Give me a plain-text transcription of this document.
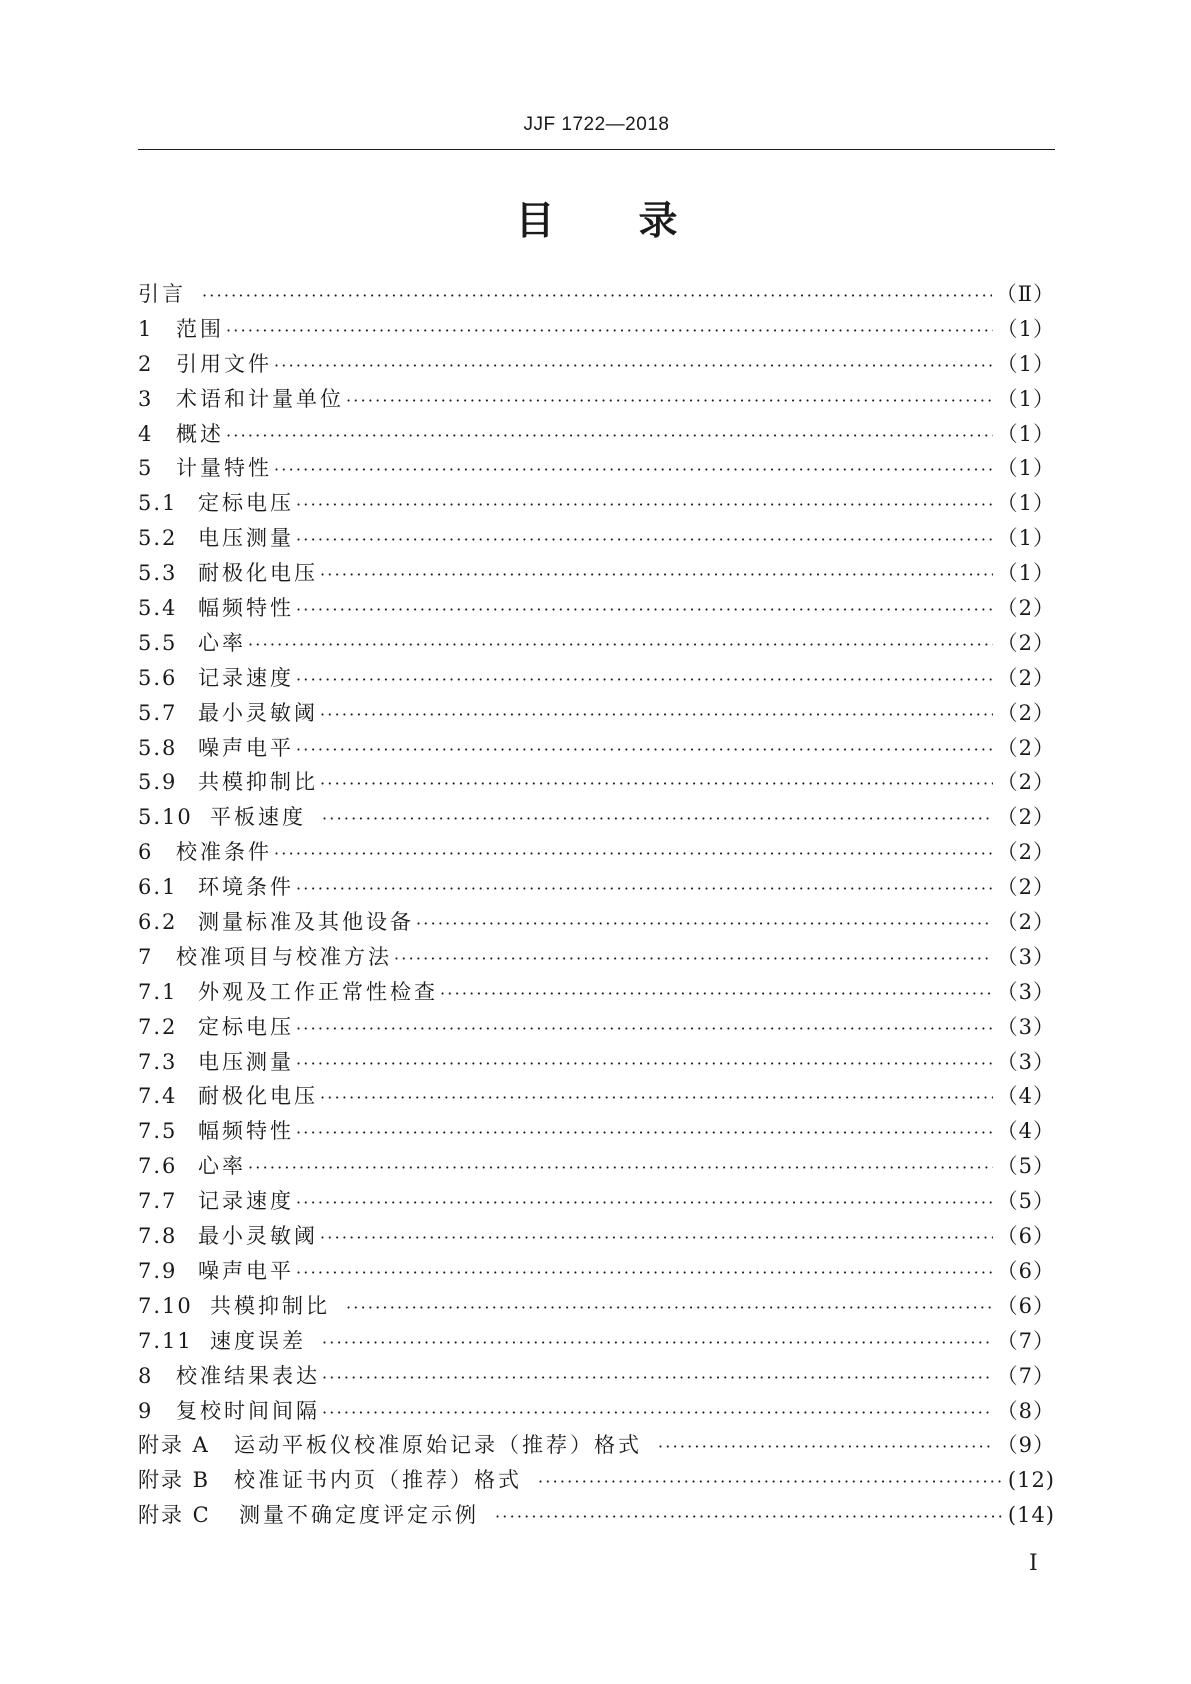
JJF 1722—2018
目 录
引言 ·····	（Ⅱ）
1	范围 ·····	（1）
2	引用文件 ·····	（1）
3	术语和计量单位 ·····	（1）
4	概述 ·····	（1）
5	计量特性 ·····	（1）
5.1 定标电压 ·····	（1）
5.2 电压测量 ·····	（1）
5.3 耐极化电压 ·····	（1）
5.4 幅频特性 ·····	（2）
5.5 心率 ·····	（2）
5.6 记录速度 ·····	（2）
5.7 最小灵敏阈 ·····	（2）
5.8 噪声电平 ·····	（2）
5.9 共模抑制比 ·····	（2）
5.10 平板速度 ·····	（2）
6	校准条件 ·····	（2）
6.1 环境条件 ·····	（2）
6.2 测量标准及其他设备 ·····	（2）
7	校准项目与校准方法 ·····	（3）
7.1 外观及工作正常性检查 ·····	（3）
7.2 定标电压 ·····	（3）
7.3 电压测量 ·····	（3）
7.4 耐极化电压 ·····	（4）
7.5 幅频特性 ·····	（4）
7.6 心率 ·····	（5）
7.7 记录速度 ·····	（5）
7.8 最小灵敏阈 ·····	（6）
7.9 噪声电平 ·····	（6）
7.10 共模抑制比 ·····	（6）
7.11 速度误差 ·····	（7）
8	校准结果表达 ·····	（7）
9	复校时间间隔 ·····	（8）
附录 A	运动平板仪校准原始记录（推荐）格式 ·····	（9）
附录 B	校准证书内页（推荐）格式 ·····	(12)
附录 C	测量不确定度评定示例 ·····	(14)
I
